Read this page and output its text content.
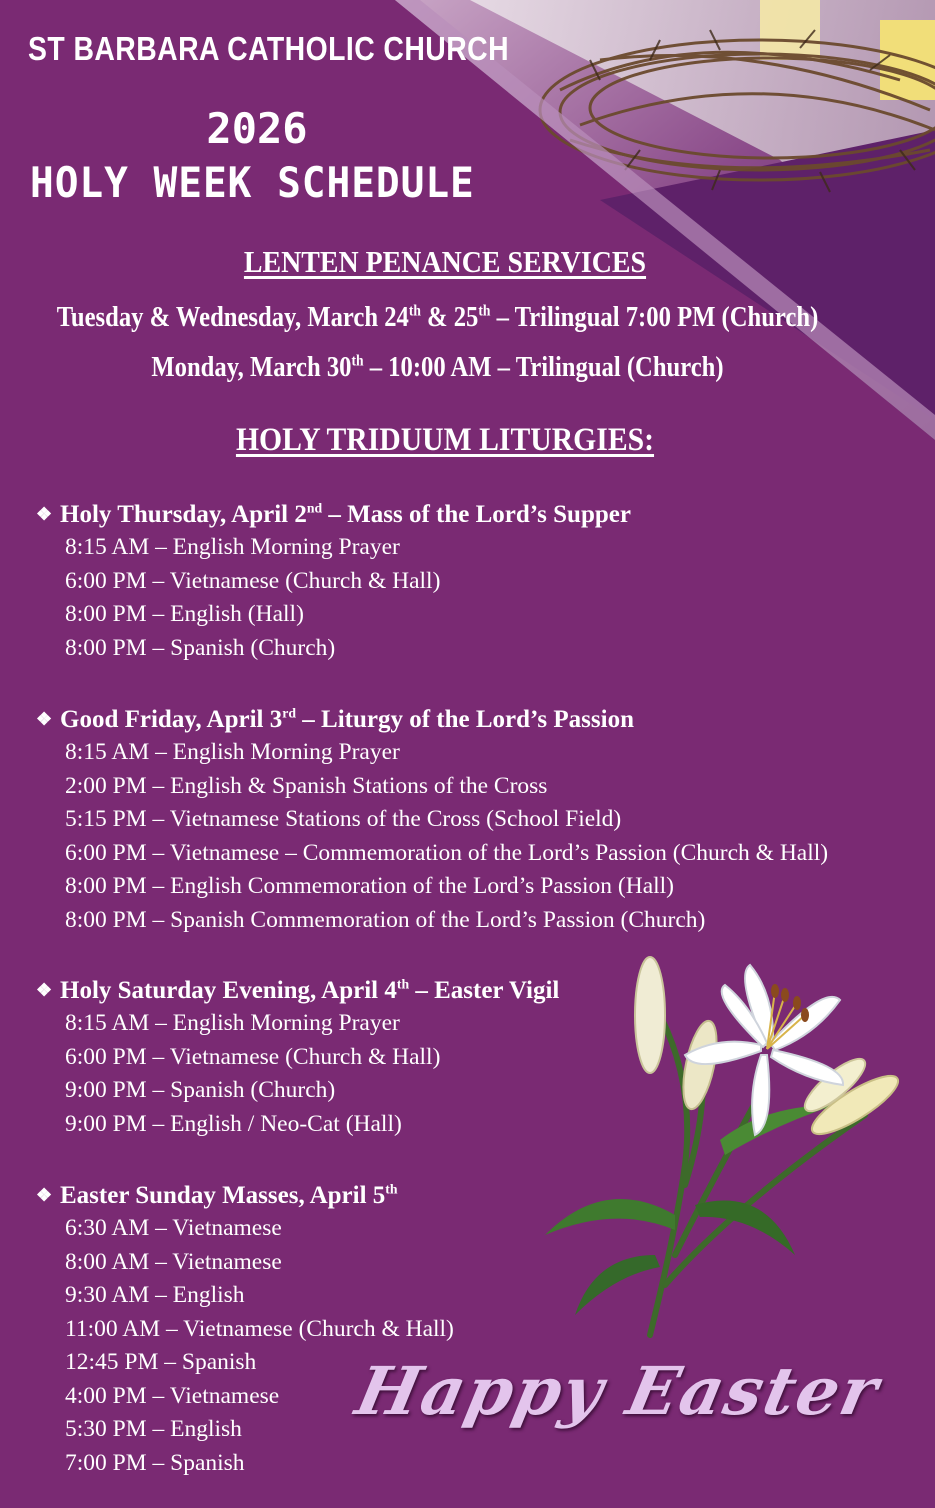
ST BARBARA CATHOLIC CHURCH
2026
HOLY WEEK SCHEDULE
LENTEN PENANCE SERVICES
Tuesday & Wednesday, March 24th & 25th – Trilingual 7:00 PM (Church)
Monday, March 30th – 10:00 AM – Trilingual (Church)
HOLY TRIDUUM LITURGIES:
❖ Holy Thursday, April 2nd – Mass of the Lord’s Supper
8:15 AM – English Morning Prayer
6:00 PM – Vietnamese (Church & Hall)
8:00 PM – English (Hall)
8:00 PM – Spanish (Church)
❖ Good Friday, April 3rd – Liturgy of the Lord’s Passion
8:15 AM – English Morning Prayer
2:00 PM – English & Spanish Stations of the Cross
5:15 PM – Vietnamese Stations of the Cross (School Field)
6:00 PM – Vietnamese – Commemoration of the Lord’s Passion (Church & Hall)
8:00 PM – English Commemoration of the Lord’s Passion (Hall)
8:00 PM – Spanish Commemoration of the Lord’s Passion (Church)
❖ Holy Saturday Evening, April 4th – Easter Vigil
8:15 AM – English Morning Prayer
6:00 PM – Vietnamese (Church & Hall)
9:00 PM – Spanish (Church)
9:00 PM – English / Neo-Cat (Hall)
❖ Easter Sunday Masses, April 5th
6:30 AM – Vietnamese
8:00 AM – Vietnamese
9:30 AM – English
11:00 AM – Vietnamese (Church & Hall)
12:45 PM – Spanish
4:00 PM – Vietnamese
5:30 PM – English
7:00 PM – Spanish
Happy Easter
